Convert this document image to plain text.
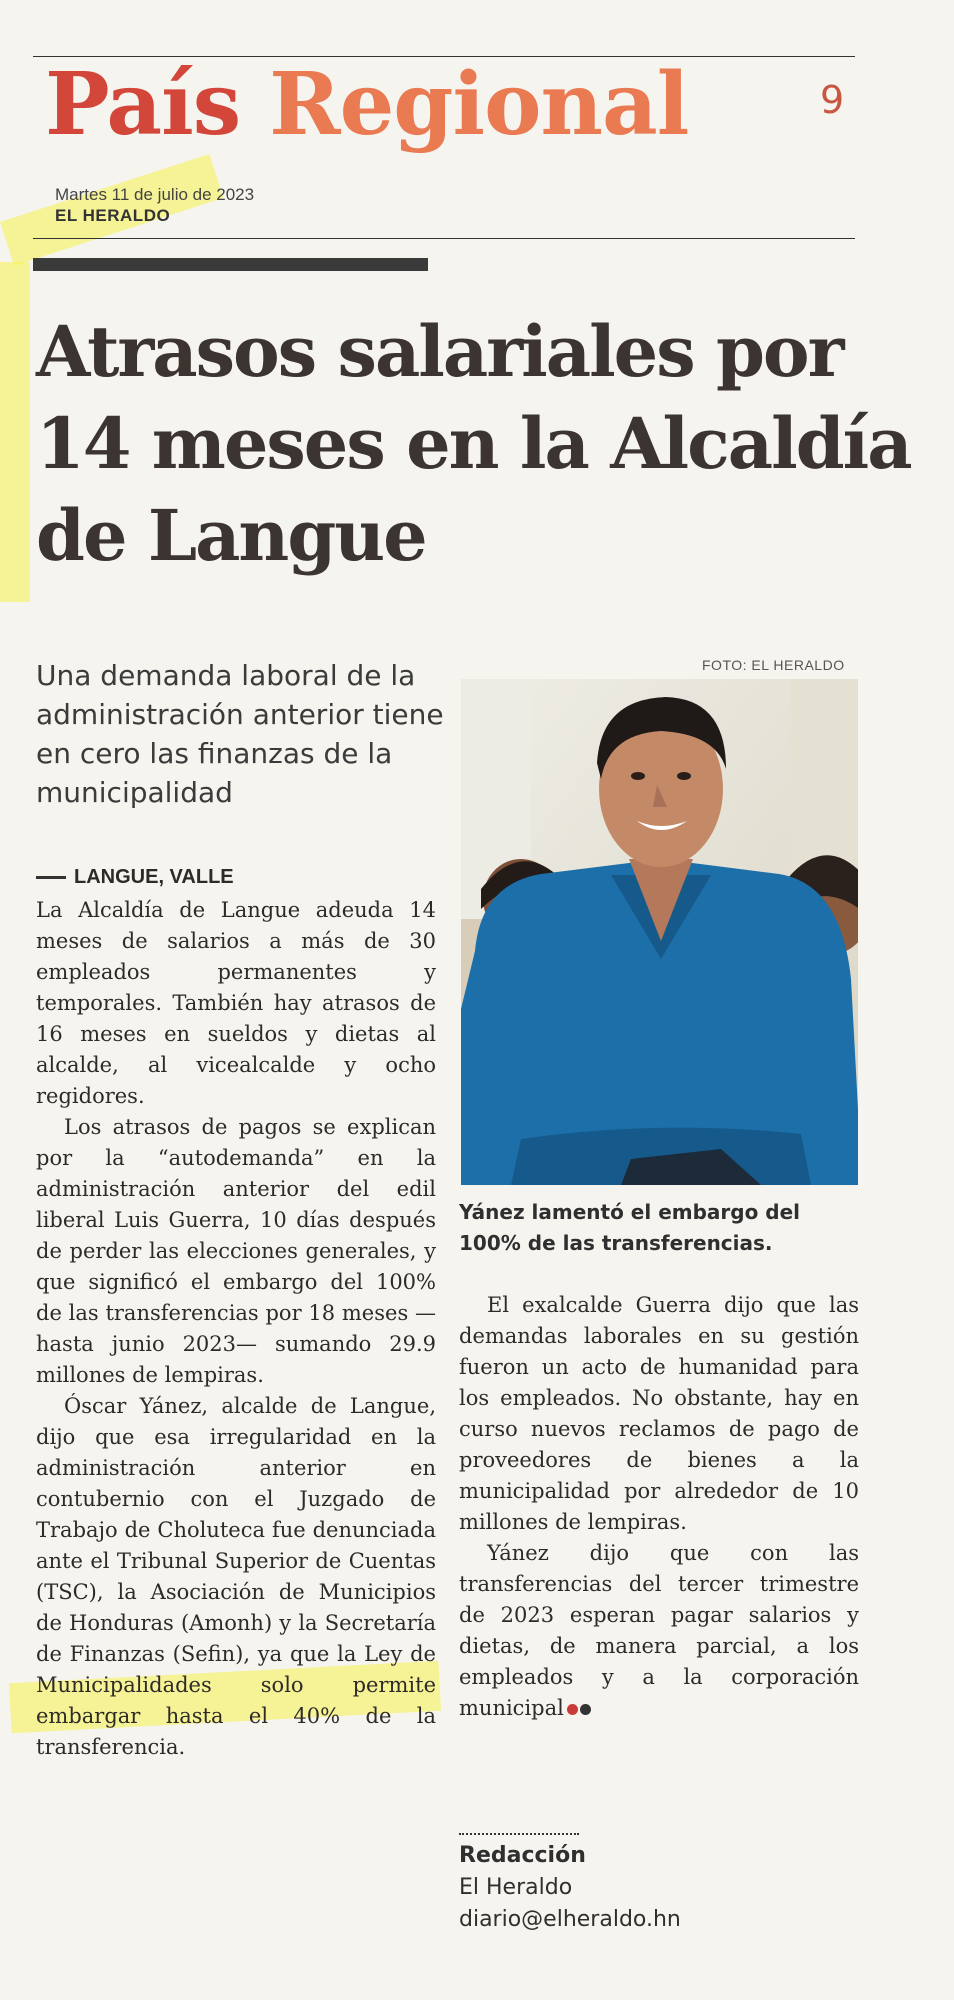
País Regional	9
Martes 11 de julio de 2023
EL HERALDO
Atrasos salariales por 14 meses en la Alcaldía de Langue
Una demanda laboral de la administración anterior tiene en cero las finanzas de la municipalidad
LANGUE, VALLE

La Alcaldía de Langue adeuda 14 meses de salarios a más de 30 empleados permanentes y temporales. También hay atrasos de 16 meses en sueldos y dietas al alcalde, al vicealcalde y ocho regidores.

Los atrasos de pagos se explican por la “autodemanda” en la administración anterior del edil liberal Luis Guerra, 10 días después de perder las elecciones generales, y que significó el embargo del 100% de las transferencias por 18 meses —hasta junio 2023— sumando 29.9 millones de lempiras.

Óscar Yánez, alcalde de Langue, dijo que esa irregularidad en la administración anterior en contubernio con el Juzgado de Trabajo de Choluteca fue denunciada ante el Tribunal Superior de Cuentas (TSC), la Asociación de Municipios de Honduras (Amonh) y la Secretaría de Finanzas (Sefin), ya que la Ley de Municipalidades solo permite embargar hasta el 40% de la transferencia.

FOTO: EL HERALDO
Yánez lamentó el embargo del 100% de las transferencias.

El exalcalde Guerra dijo que las demandas laborales en su gestión fueron un acto de humanidad para los empleados. No obstante, hay en curso nuevos reclamos de pago de proveedores de bienes a la municipalidad por alrededor de 10 millones de lempiras.

Yánez dijo que con las transferencias del tercer trimestre de 2023 esperan pagar salarios y dietas, de manera parcial, a los empleados y a la corporación municipal

Redacción
El Heraldo
diario@elheraldo.hn
